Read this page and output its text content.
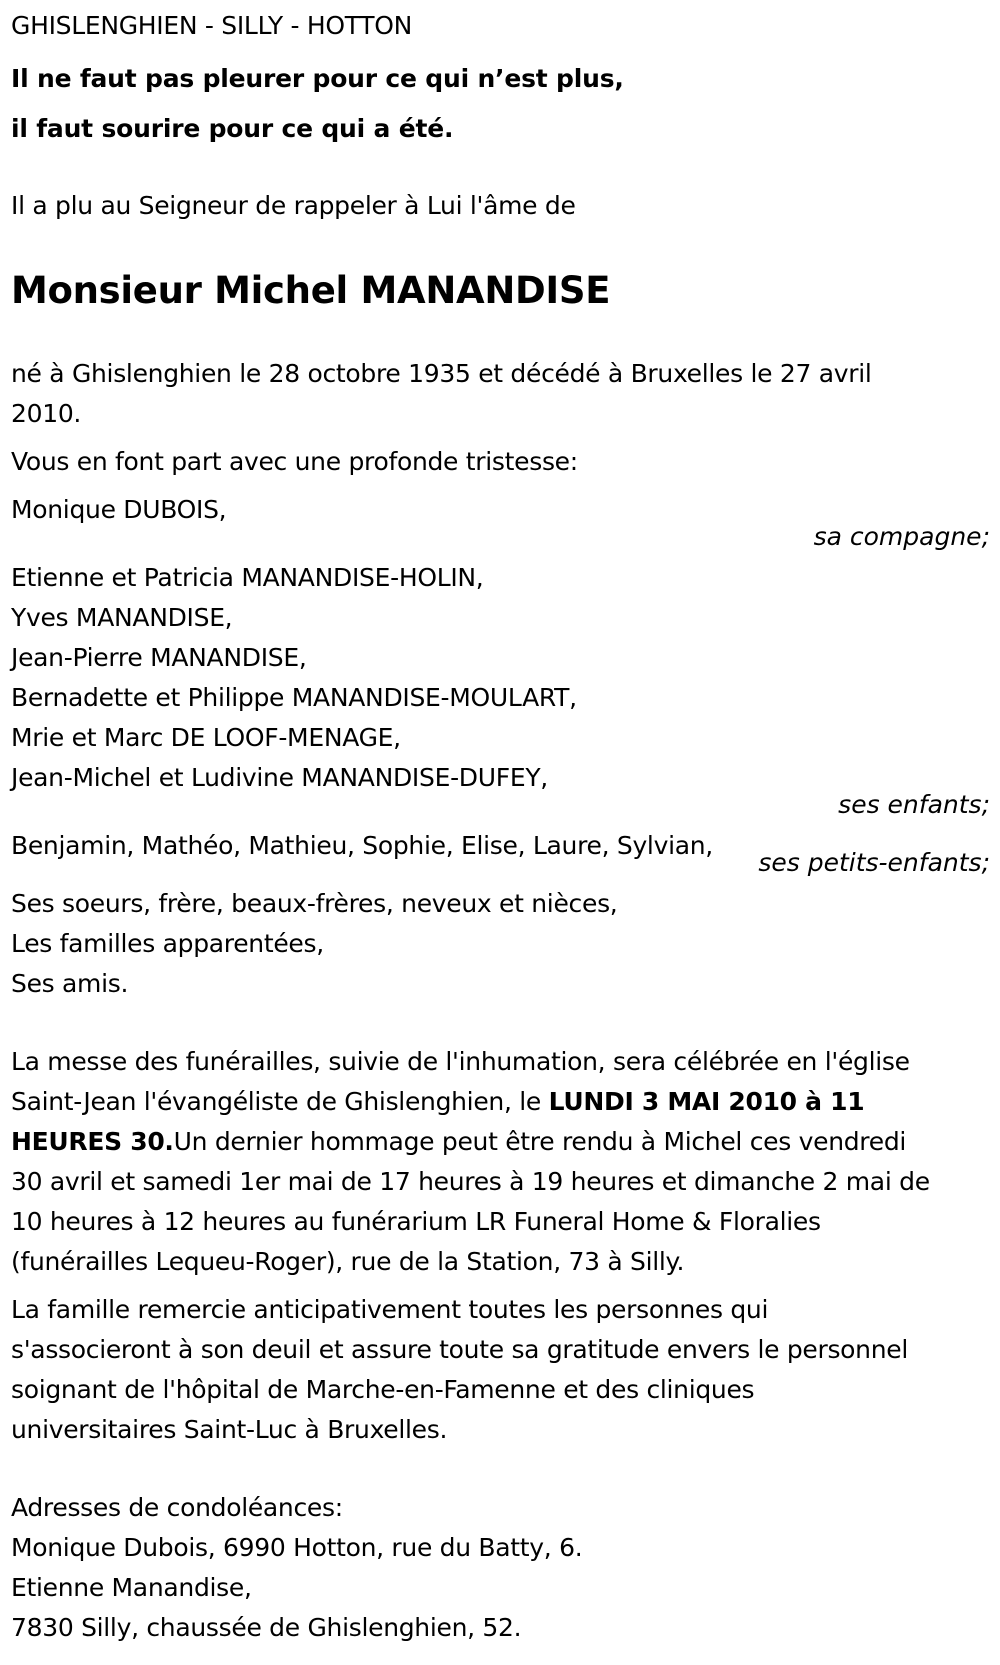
GHISLENGHIEN - SILLY - HOTTON
Il ne faut pas pleurer pour ce qui n’est plus,
il faut sourire pour ce qui a été.
Il a plu au Seigneur de rappeler à Lui l'âme de
Monsieur Michel MANANDISE
né à Ghislenghien le 28 octobre 1935 et décédé à Bruxelles le 27 avril
2010.
Vous en font part avec une profonde tristesse:
Monique DUBOIS,
sa compagne;
Etienne et Patricia MANANDISE-HOLIN,
Yves MANANDISE,
Jean-Pierre MANANDISE,
Bernadette et Philippe MANANDISE-MOULART,
Mrie et Marc DE LOOF-MENAGE,
Jean-Michel et Ludivine MANANDISE-DUFEY,
ses enfants;
Benjamin, Mathéo, Mathieu, Sophie, Elise, Laure, Sylvian,
ses petits-enfants;
Ses soeurs, frère, beaux-frères, neveux et nièces,
Les familles apparentées,
Ses amis.
La messe des funérailles, suivie de l'inhumation, sera célébrée en l'église
Saint-Jean l'évangéliste de Ghislenghien, le LUNDI 3 MAI 2010 à 11
HEURES 30.Un dernier hommage peut être rendu à Michel ces vendredi
30 avril et samedi 1er mai de 17 heures à 19 heures et dimanche 2 mai de
10 heures à 12 heures au funérarium LR Funeral Home & Floralies
(funérailles Lequeu-Roger), rue de la Station, 73 à Silly.
La famille remercie anticipativement toutes les personnes qui
s'associeront à son deuil et assure toute sa gratitude envers le personnel
soignant de l'hôpital de Marche-en-Famenne et des cliniques
universitaires Saint-Luc à Bruxelles.
Adresses de condoléances:
Monique Dubois, 6990 Hotton, rue du Batty, 6.
Etienne Manandise,
7830 Silly, chaussée de Ghislenghien, 52.
